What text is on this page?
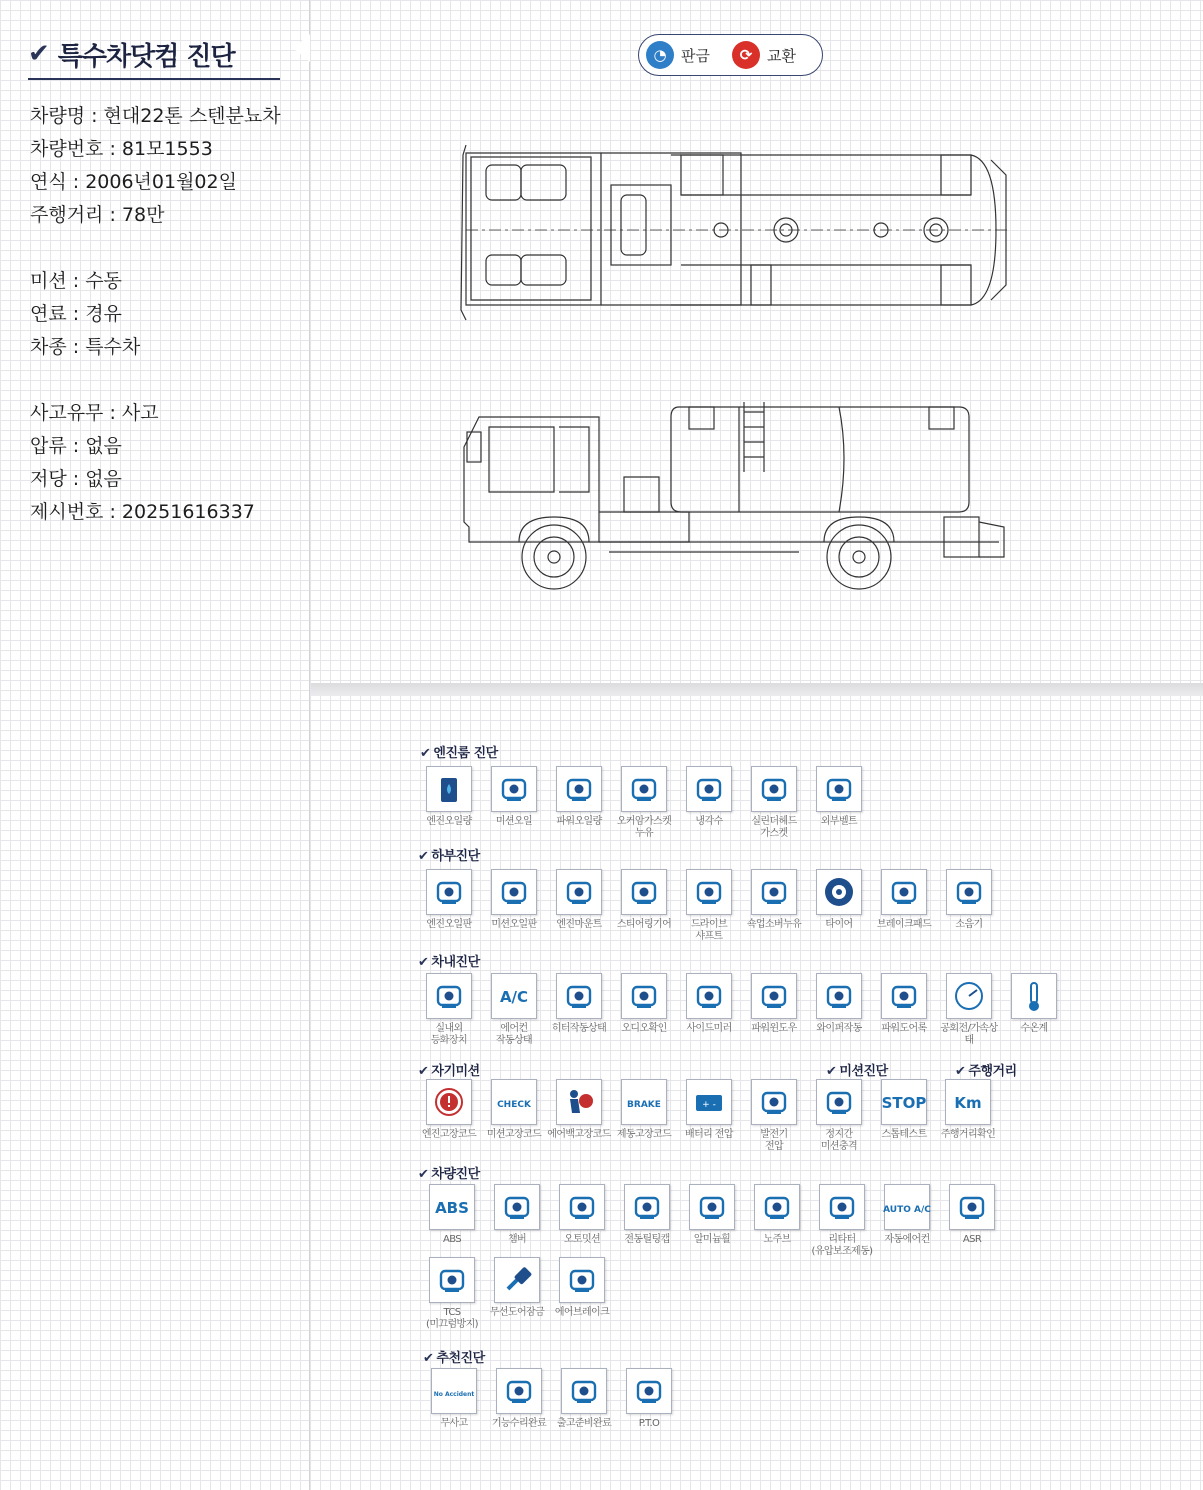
✔ 특수차닷컴 진단
차량명 : 현대22톤 스텐분뇨차
차량번호 : 81모1553
연식 : 2006년01월02일
주행거리 : 78만
미션 : 수동
연료 : 경유
차종 : 특수차
사고유무 : 사고
압류 : 없음
저당 : 없음
제시번호 : 20251616337
◔ 판금	⟳ 교환
✔ 엔진룸 진단
엔진오일량	미션오일	파워오일량	오커암가스켓
누유
냉각수	실린더헤드
가스켓
외부벨트
✔ 하부진단
엔진오일판	미션오일판	엔진마운트	스티어링기어	드라이브
샤프트
쇽업소버누유	타이어	브레이크패드	소음기
✔ 차내진단
실내외
등화장치
A/C
에어컨
작동상태
히터작동상태	오디오확인	사이드미러	파워윈도우	와이퍼작동	파워도어록	공회전/가속상태
수온계
✔ 자기미션
엔진고장코드
CHECK
미션고장코드 에어백고장코드
BRAKE
제동고장코드
+ -
배터리 전압	발전기
전압
✔ 미션진단
정지간
미션충격
STOP
스톱테스트
✔ 주행거리
Km
주행거리확인
✔ 차량진단
ABS
ABS	챔버	오토밋션	전동틸팅캡	알미늄휠	노주브	리타터
(유압보조제동)
AUTO A/C
자동에어컨	ASR
TCS
(미끄럼방지)
무선도어잠금	에어브레이크
✔ 추천진단
No Accident
무사고	기능수리완료	출고준비완료	P.T.O
